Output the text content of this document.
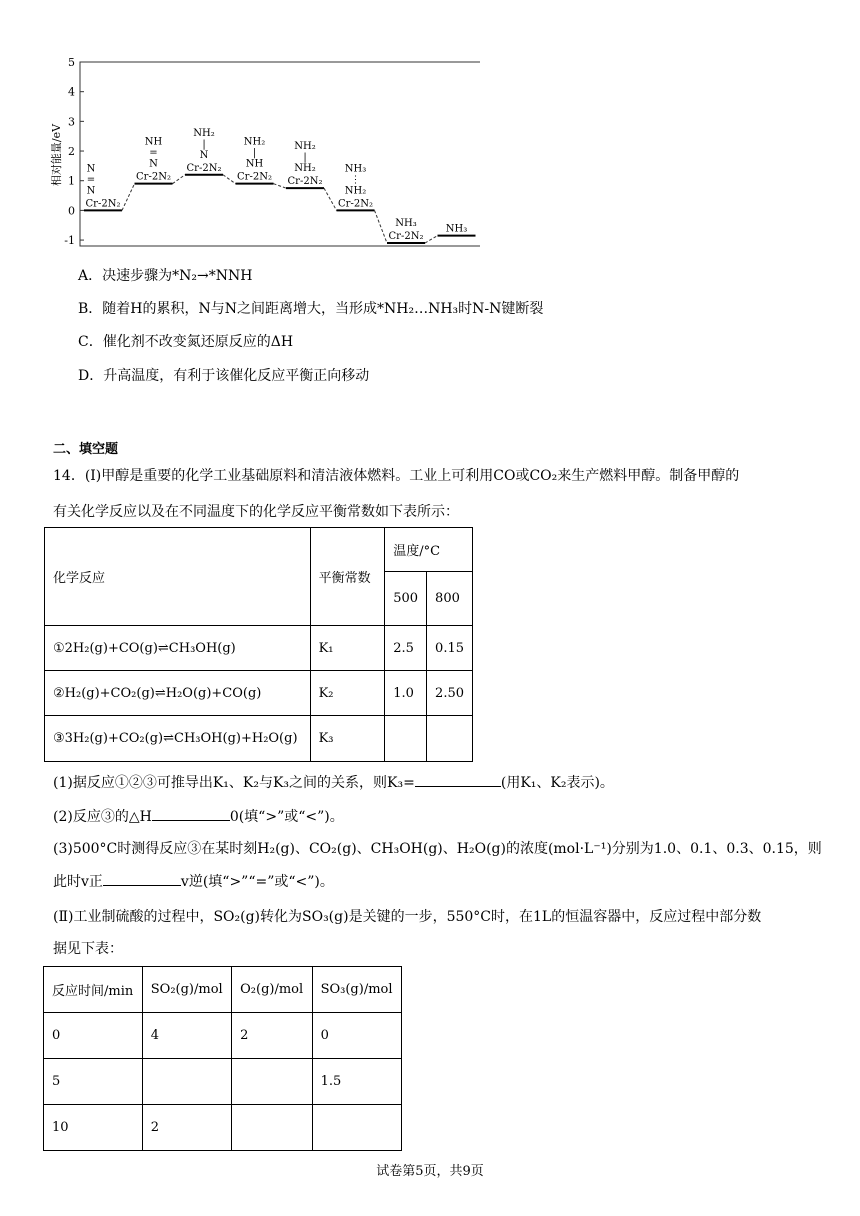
5
4
3
2
1
0
-1
相对能量/eV
Cr-2N₂
N
=
N
Cr-2N₂
N
=
NH
Cr-2N₂
N
|
NH₂
Cr-2N₂
NH
|
NH₂
Cr-2N₂
NH₂
|
NH₂
Cr-2N₂
NH₂
⋮
NH₃
Cr-2N₂
NH₃
NH₃
A．决速步骤为*N₂→*NNH
B．随着H的累积，N与N之间距离增大，当形成*NH₂…NH₃时N-N键断裂
C．催化剂不改变氮还原反应的ΔH
D．升高温度，有利于该催化反应平衡正向移动
二、填空题
14．(Ⅰ)甲醇是重要的化学工业基础原料和清洁液体燃料。工业上可利用CO或CO₂来生产燃料甲醇。制备甲醇的
有关化学反应以及在不同温度下的化学反应平衡常数如下表所示：
化学反应	平衡常数	温度/°C	
		500	800
①2H₂(g)+CO(g)⇌CH₃OH(g)	K₁	2.5	0.15
②H₂(g)+CO₂(g)⇌H₂O(g)+CO(g)	K₂	1.0	2.50
③3H₂(g)+CO₂(g)⇌CH₃OH(g)+H₂O(g)	K₃		
(1)据反应①②③可推导出K₁、K₂与K₃之间的关系，则K₃=	(用K₁、K₂表示)。
(2)反应③的△H	0(填“>”或“<”)。
(3)500°C时测得反应③在某时刻H₂(g)、CO₂(g)、CH₃OH(g)、H₂O(g)的浓度(mol·L⁻¹)分别为1.0、0.1、0.3、0.15，则
此时v正	v逆(填“>”“=”或“<”)。
(Ⅱ)工业制硫酸的过程中，SO₂(g)转化为SO₃(g)是关键的一步，550°C时，在1L的恒温容器中，反应过程中部分数
据见下表：
反应时间/min	SO₂(g)/mol	O₂(g)/mol	SO₃(g)/mol
0	4	2	0
5			1.5
10	2		
试卷第5页，共9页
